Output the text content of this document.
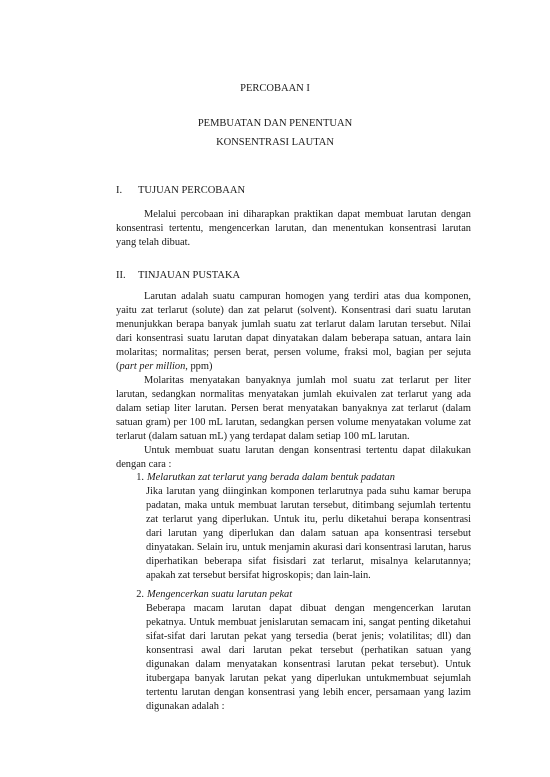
PERCOBAAN I
PEMBUATAN DAN PENENTUAN
KONSENTRASI LAUTAN
I. TUJUAN PERCOBAAN

Melalui percobaan ini diharapkan praktikan dapat membuat larutan dengan konsentrasi tertentu, mengencerkan larutan, dan menentukan konsentrasi larutan yang telah dibuat.

II. TINJAUAN PUSTAKA

Larutan adalah suatu campuran homogen yang terdiri atas dua komponen, yaitu zat terlarut (solute) dan zat pelarut (solvent). Konsentrasi dari suatu larutan menunjukkan berapa banyak jumlah suatu zat terlarut dalam larutan tersebut. Nilai dari konsentrasi suatu larutan dapat dinyatakan dalam beberapa satuan, antara lain molaritas; normalitas; persen berat, persen volume, fraksi mol, bagian per sejuta (part per million, ppm)

Molaritas menyatakan banyaknya jumlah mol suatu zat terlarut per liter larutan, sedangkan normalitas menyatakan jumlah ekuivalen zat terlarut yang ada dalam setiap liter larutan. Persen berat menyatakan banyaknya zat terlarut (dalam satuan gram) per 100 mL larutan, sedangkan persen volume menyatakan volume zat terlarut (dalam satuan mL) yang terdapat dalam setiap 100 mL larutan.

Untuk membuat suatu larutan dengan konsentrasi tertentu dapat dilakukan dengan cara :

1. Melarutkan zat terlarut yang berada dalam bentuk padatan

Jika larutan yang diinginkan komponen terlarutnya pada suhu kamar berupa padatan, maka untuk membuat larutan tersebut, ditimbang sejumlah tertentu zat terlarut yang diperlukan. Untuk itu, perlu diketahui berapa konsentrasi dari larutan yang diperlukan dan dalam satuan apa konsentrasi tersebut dinyatakan. Selain iru, untuk menjamin akurasi dari konsentrasi larutan, harus diperhatikan beberapa sifat fisisdari zat terlarut, misalnya kelarutannya; apakah zat tersebut bersifat higroskopis; dan lain-lain.

2. Mengencerkan suatu larutan pekat

Beberapa macam larutan dapat dibuat dengan mengencerkan larutan pekatnya. Untuk membuat jenislarutan semacam ini, sangat penting diketahui sifat-sifat dari larutan pekat yang tersedia (berat jenis; volatilitas; dll) dan konsentrasi awal dari larutan pekat tersebut (perhatikan satuan yang digunakan dalam menyatakan konsentrasi larutan pekat tersebut). Untuk itubergapa banyak larutan pekat yang diperlukan untukmembuat sejumlah tertentu larutan dengan konsentrasi yang lebih encer, persamaan yang lazim digunakan adalah :
